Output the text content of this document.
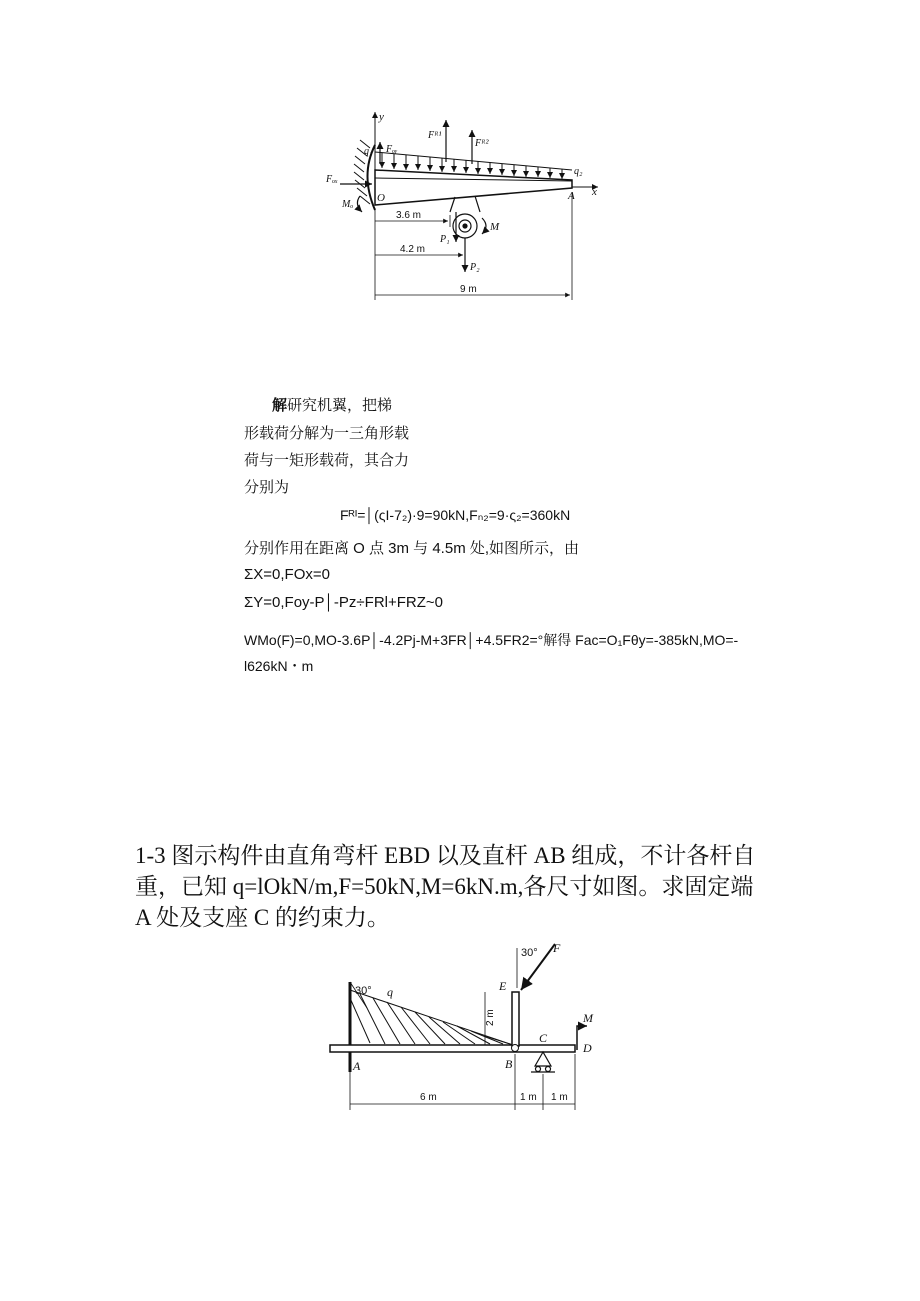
y
x
q₁
q₂
Fₒᵧ
Fₒₓ
Mₒ
O	A
Fᴿ¹
Fᴿ²
P₁
P₂
M
3.6 m
4.2 m
9 m
解研究机翼，把梯
形载荷分解为一三角形载
荷与一矩形载荷，其合力
分别为
Fᴿᴵ=│(ςI-7₂)·9=90kN,Fₙ₂=9·ς₂=360kN
分别作用在距离 O 点 3m 与 4.5m 处,如图所示，由
ΣX=0,FOx=0
ΣY=0,Foy-P│-Pz÷FRl+FRZ~0
WMo(F)=0,MO-3.6P│-4.2Pj-M+3FR│+4.5FR2=°解得 Fac=O₁Fθy=-385kN,MO=-
l626kN・m
1-3 图示构件由直角弯杆 EBD 以及直杆 AB 组成，不计各杆自
重，已知 q=lOkN/m,F=50kN,M=6kN.m,各尺寸如图。求固定端
A 处及支座 C 的约束力。
30° q
A
E
B
2 m
30° F
C
M
D
6 m	1 m 1 m
